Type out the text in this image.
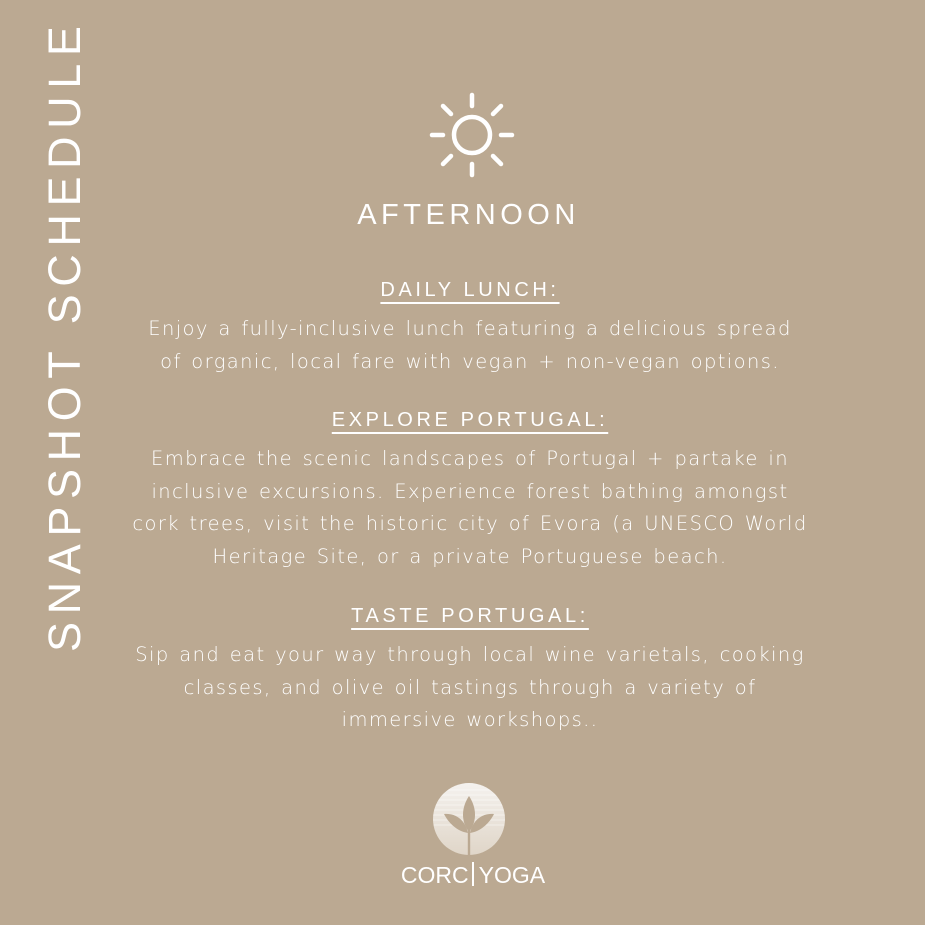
SNAPSHOT SCHEDULE	AFTERNOON
DAILY LUNCH:

Enjoy a fully-inclusive lunch featuring a delicious spread
of organic, local fare with vegan + non-vegan options.

EXPLORE PORTUGAL:

Embrace the scenic landscapes of Portugal + partake in
inclusive excursions. Experience forest bathing amongst
cork trees, visit the historic city of Evora (a UNESCO World
Heritage Site, or a private Portuguese beach.

TASTE PORTUGAL:

Sip and eat your way through local wine varietals, cooking
classes, and olive oil tastings through a variety of
immersive workshops..

CORC YOGA
